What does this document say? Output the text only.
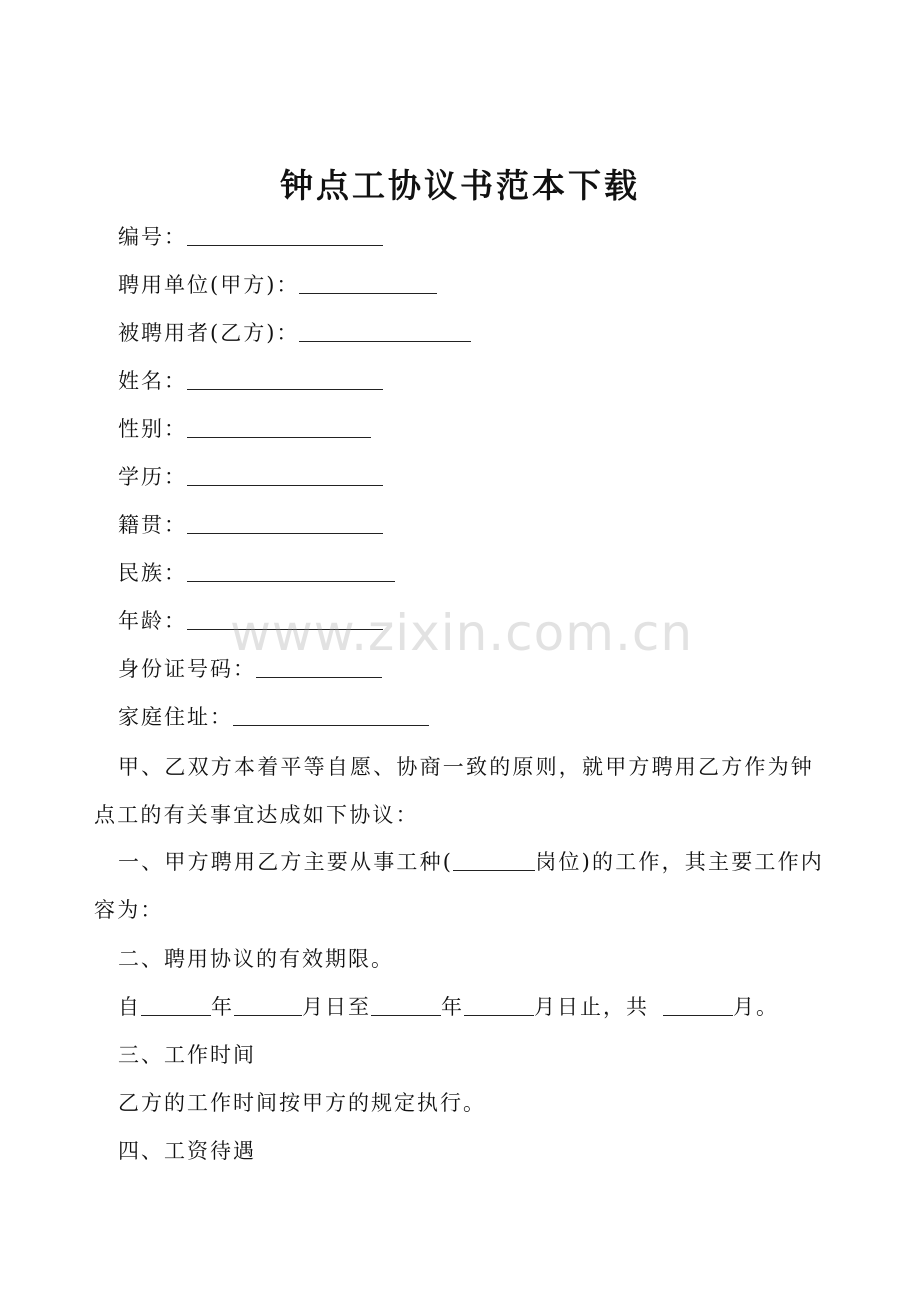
钟点工协议书范本下载
编号：
聘用单位(甲方)：
被聘用者(乙方)：
姓名：
性别：
学历：
籍贯：
民族：
年龄：
身份证号码：
家庭住址：
甲、乙双方本着平等自愿、协商一致的原则，就甲方聘用乙方作为钟点工的有关事宜达成如下协议：
一、甲方聘用乙方主要从事工种(	岗位)的工作，其主要工作内容为：
二、聘用协议的有效期限。
自	年	月日至	年	月日止，共	月。
三、工作时间
乙方的工作时间按甲方的规定执行。
四、工资待遇
www.zixin.com.cn
